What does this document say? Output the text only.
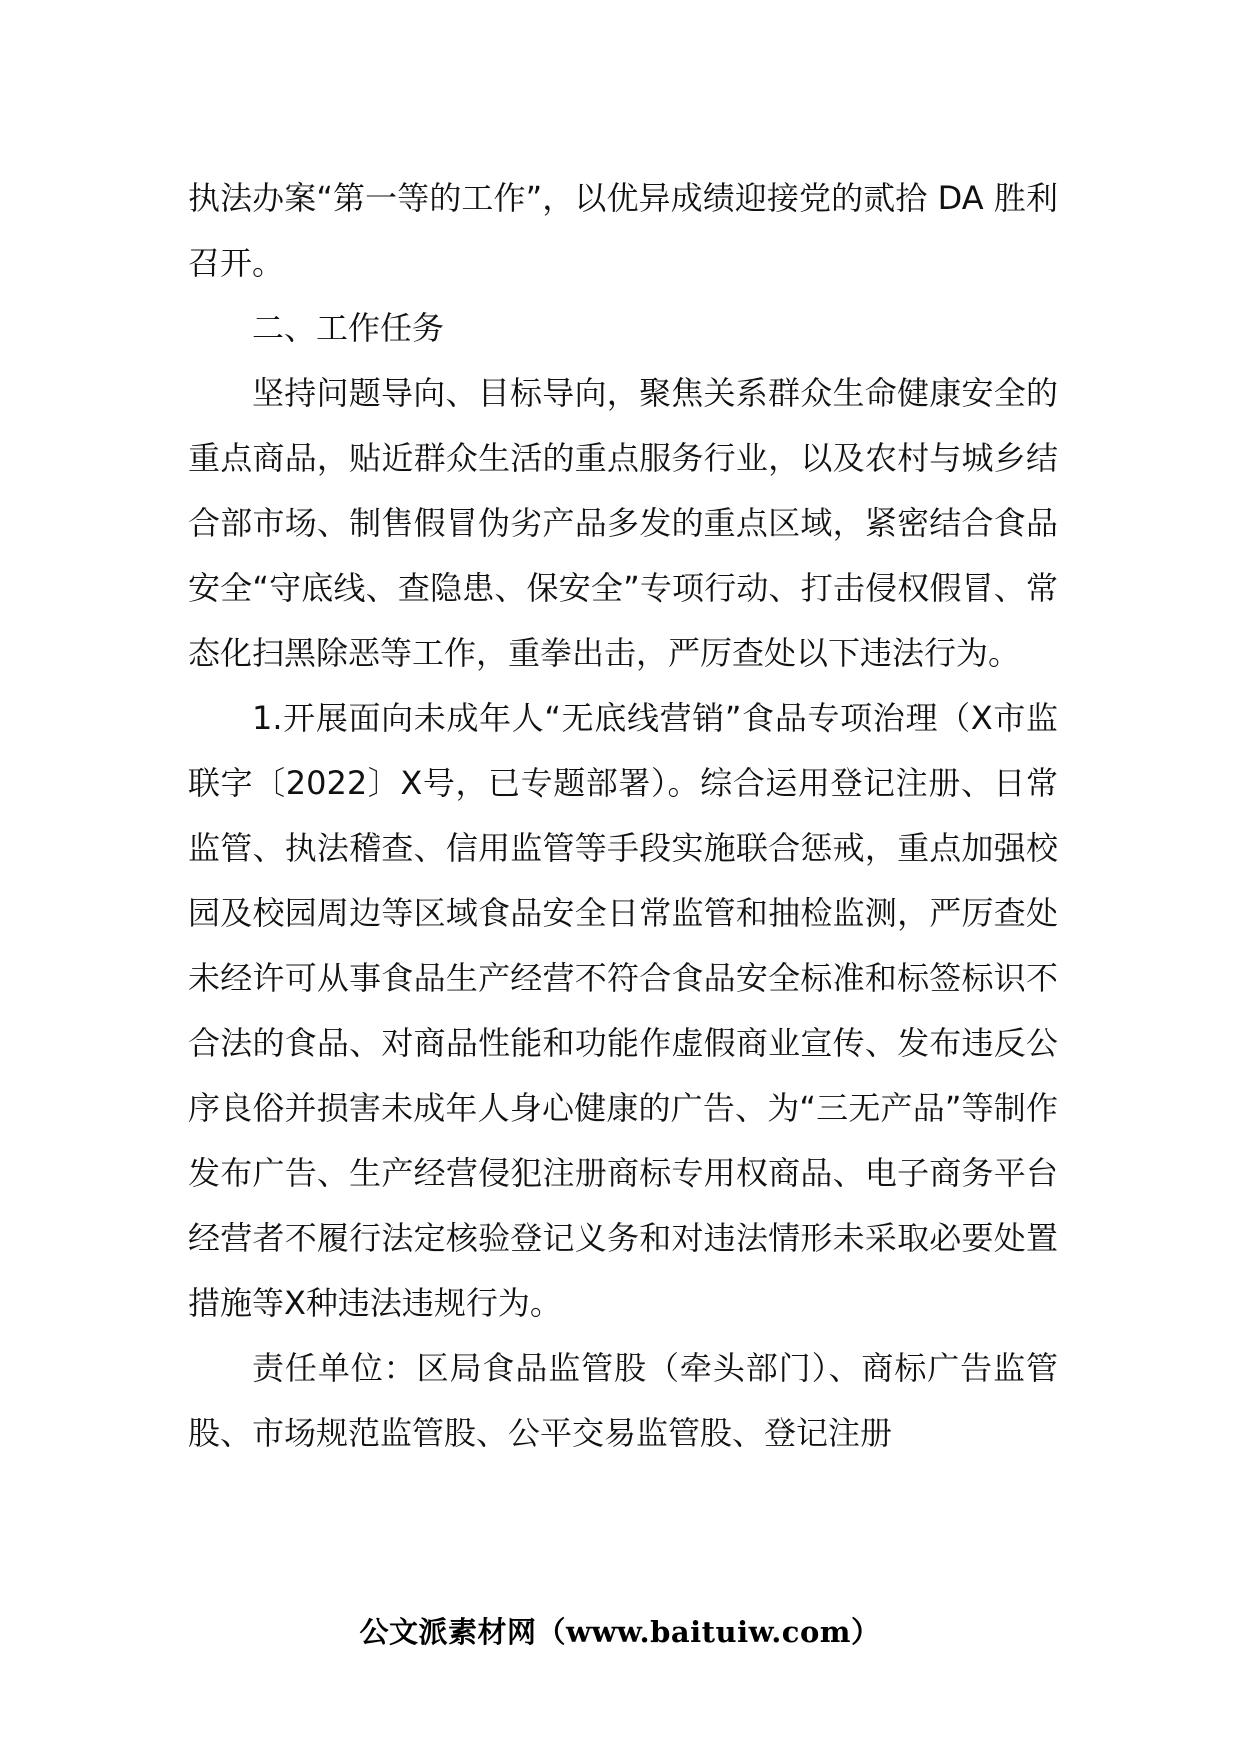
执法办案“第一等的工作”，以优异成绩迎接党的贰拾 DA 胜利召开。

二、工作任务

坚持问题导向、目标导向，聚焦关系群众生命健康安全的重点商品，贴近群众生活的重点服务行业，以及农村与城乡结合部市场、制售假冒伪劣产品多发的重点区域，紧密结合食品安全“守底线、查隐患、保安全”专项行动、打击侵权假冒、常态化扫黑除恶等工作，重拳出击，严厉查处以下违法行为。

1.开展面向未成年人“无底线营销”食品专项治理（X市监联字〔2022〕X号，已专题部署）。综合运用登记注册、日常监管、执法稽查、信用监管等手段实施联合惩戒，重点加强校园及校园周边等区域食品安全日常监管和抽检监测，严厉查处未经许可从事食品生产经营不符合食品安全标准和标签标识不合法的食品、对商品性能和功能作虚假商业宣传、发布违反公序良俗并损害未成年人身心健康的广告、为“三无产品”等制作发布广告、生产经营侵犯注册商标专用权商品、电子商务平台经营者不履行法定核验登记义务和对违法情形未采取必要处置措施等X种违法违规行为。

责任单位：区局食品监管股（牵头部门）、商标广告监管股、市场规范监管股、公平交易监管股、登记注册

公文派素材网（www.baituiw.com）
